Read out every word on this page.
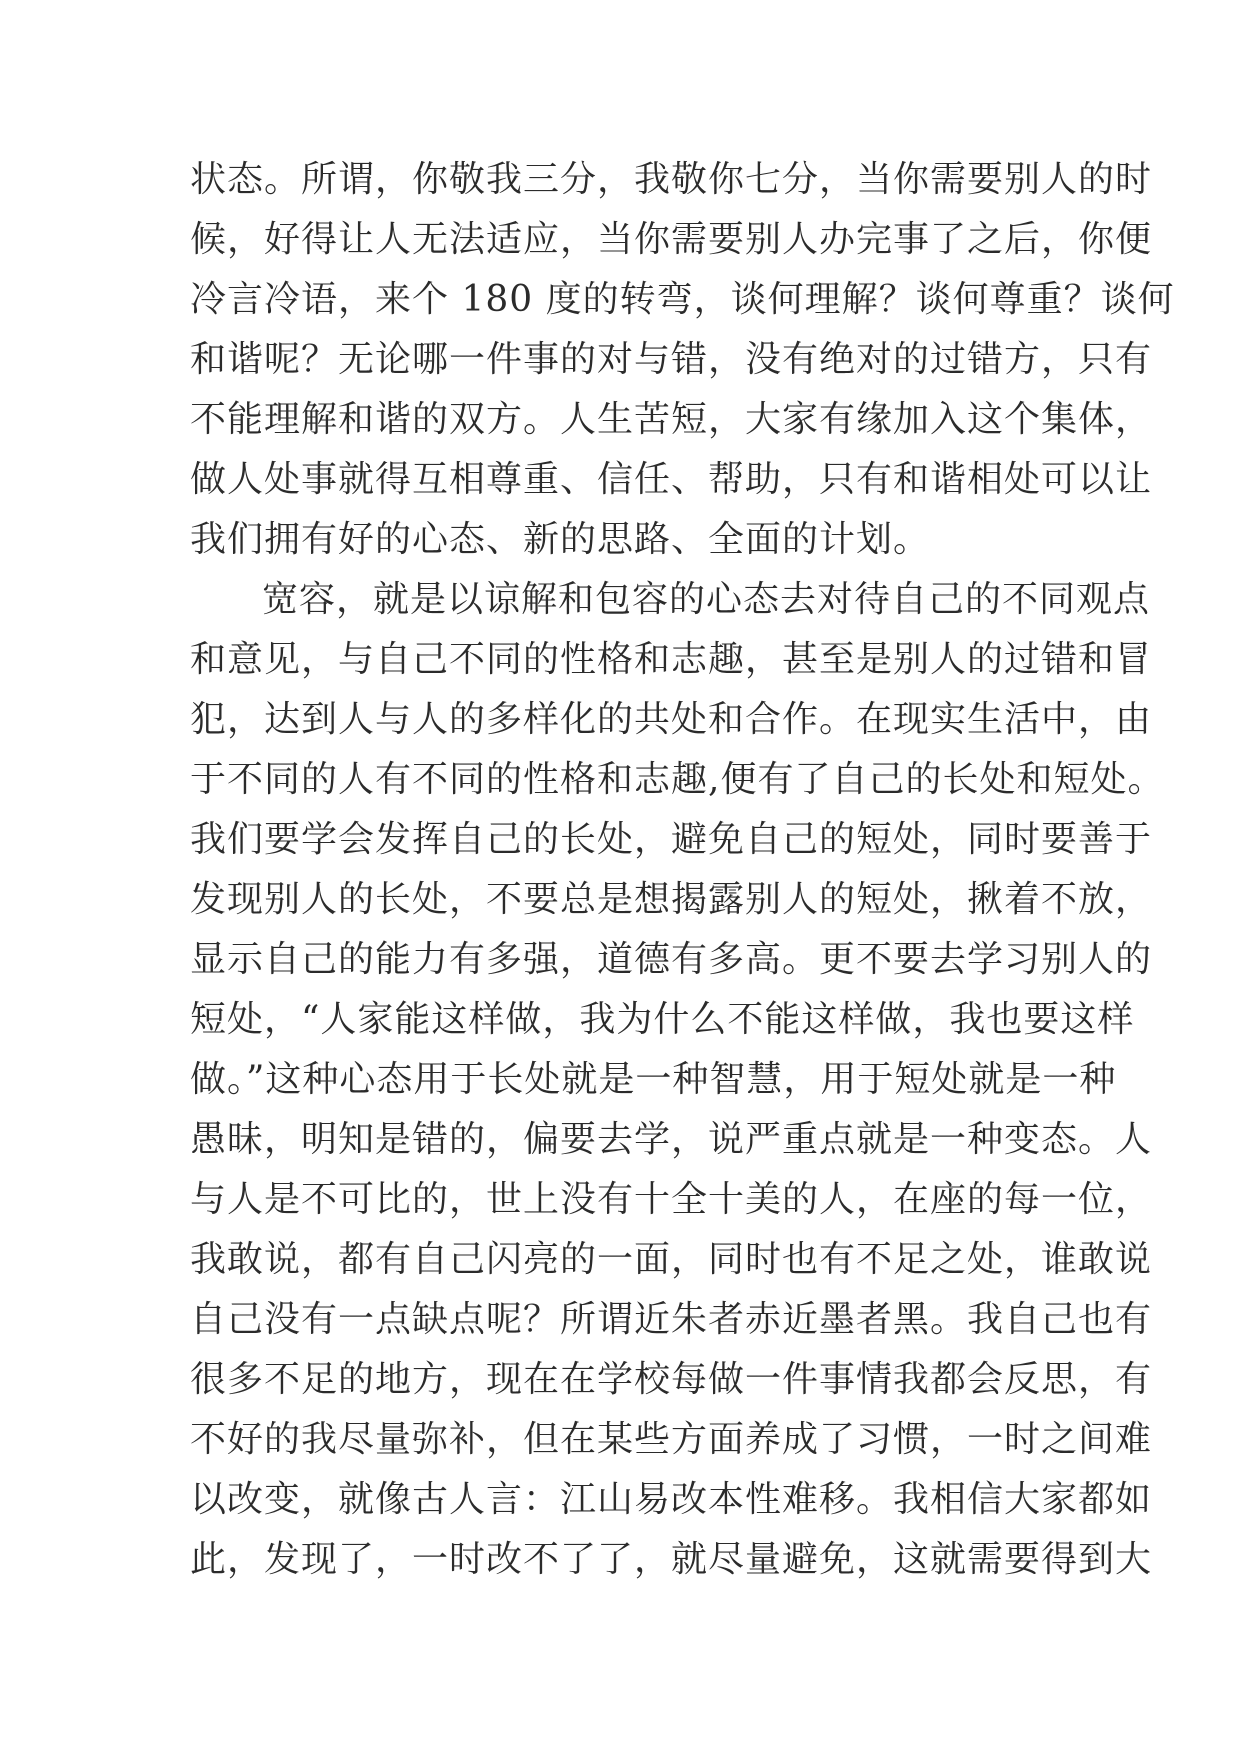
状态。所谓，你敬我三分，我敬你七分，当你需要别人的时
候，好得让人无法适应，当你需要别人办完事了之后，你便
冷言冷语，来个 180 度的转弯，谈何理解？谈何尊重？谈何
和谐呢？无论哪一件事的对与错，没有绝对的过错方，只有
不能理解和谐的双方。人生苦短，大家有缘加入这个集体，
做人处事就得互相尊重、信任、帮助，只有和谐相处可以让
我们拥有好的心态、新的思路、全面的计划。
宽容，就是以谅解和包容的心态去对待自己的不同观点
和意见，与自己不同的性格和志趣，甚至是别人的过错和冒
犯，达到人与人的多样化的共处和合作。在现实生活中，由
于不同的人有不同的性格和志趣,便有了自己的长处和短处。
我们要学会发挥自己的长处，避免自己的短处，同时要善于
发现别人的长处，不要总是想揭露别人的短处，揪着不放，
显示自己的能力有多强，道德有多高。更不要去学习别人的
短处，“人家能这样做，我为什么不能这样做，我也要这样
做。”这种心态用于长处就是一种智慧，用于短处就是一种
愚昧，明知是错的，偏要去学，说严重点就是一种变态。人
与人是不可比的，世上没有十全十美的人，在座的每一位，
我敢说，都有自己闪亮的一面，同时也有不足之处，谁敢说
自己没有一点缺点呢？所谓近朱者赤近墨者黑。我自己也有
很多不足的地方，现在在学校每做一件事情我都会反思，有
不好的我尽量弥补，但在某些方面养成了习惯，一时之间难
以改变，就像古人言：江山易改本性难移。我相信大家都如
此，发现了，一时改不了了，就尽量避免，这就需要得到大
